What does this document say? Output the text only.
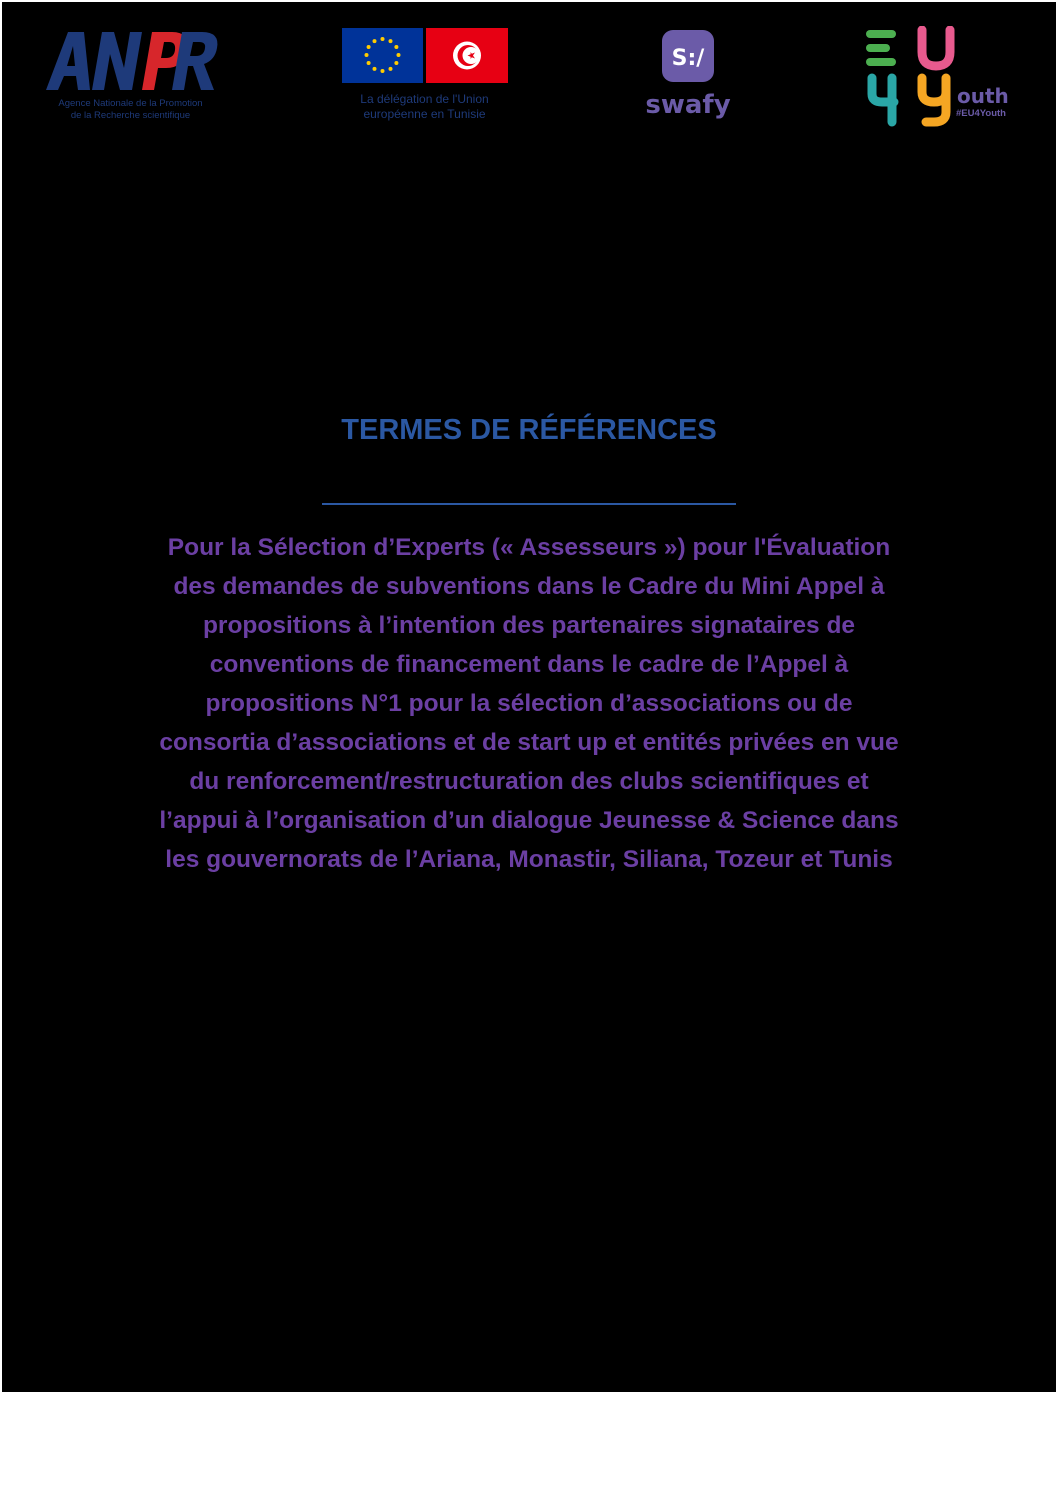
Agence Nationale de la Promotion
de la Recherche scientifique
La délégation de l'Union
européenne en Tunisie
S:/
swafy	outh
#EU4Youth
TERMES DE RÉFÉRENCES
Pour la Sélection d’Experts (« Assesseurs ») pour l'Évaluation
des demandes de subventions dans le Cadre du Mini Appel à
propositions à l’intention des partenaires signataires de
conventions de financement dans le cadre de l’Appel à
propositions N°1 pour la sélection d’associations ou de
consortia d’associations et de start up et entités privées en vue
du renforcement/restructuration des clubs scientifiques et
l’appui à l’organisation d’un dialogue Jeunesse & Science dans
les gouvernorats de l’Ariana, Monastir, Siliana, Tozeur et Tunis
